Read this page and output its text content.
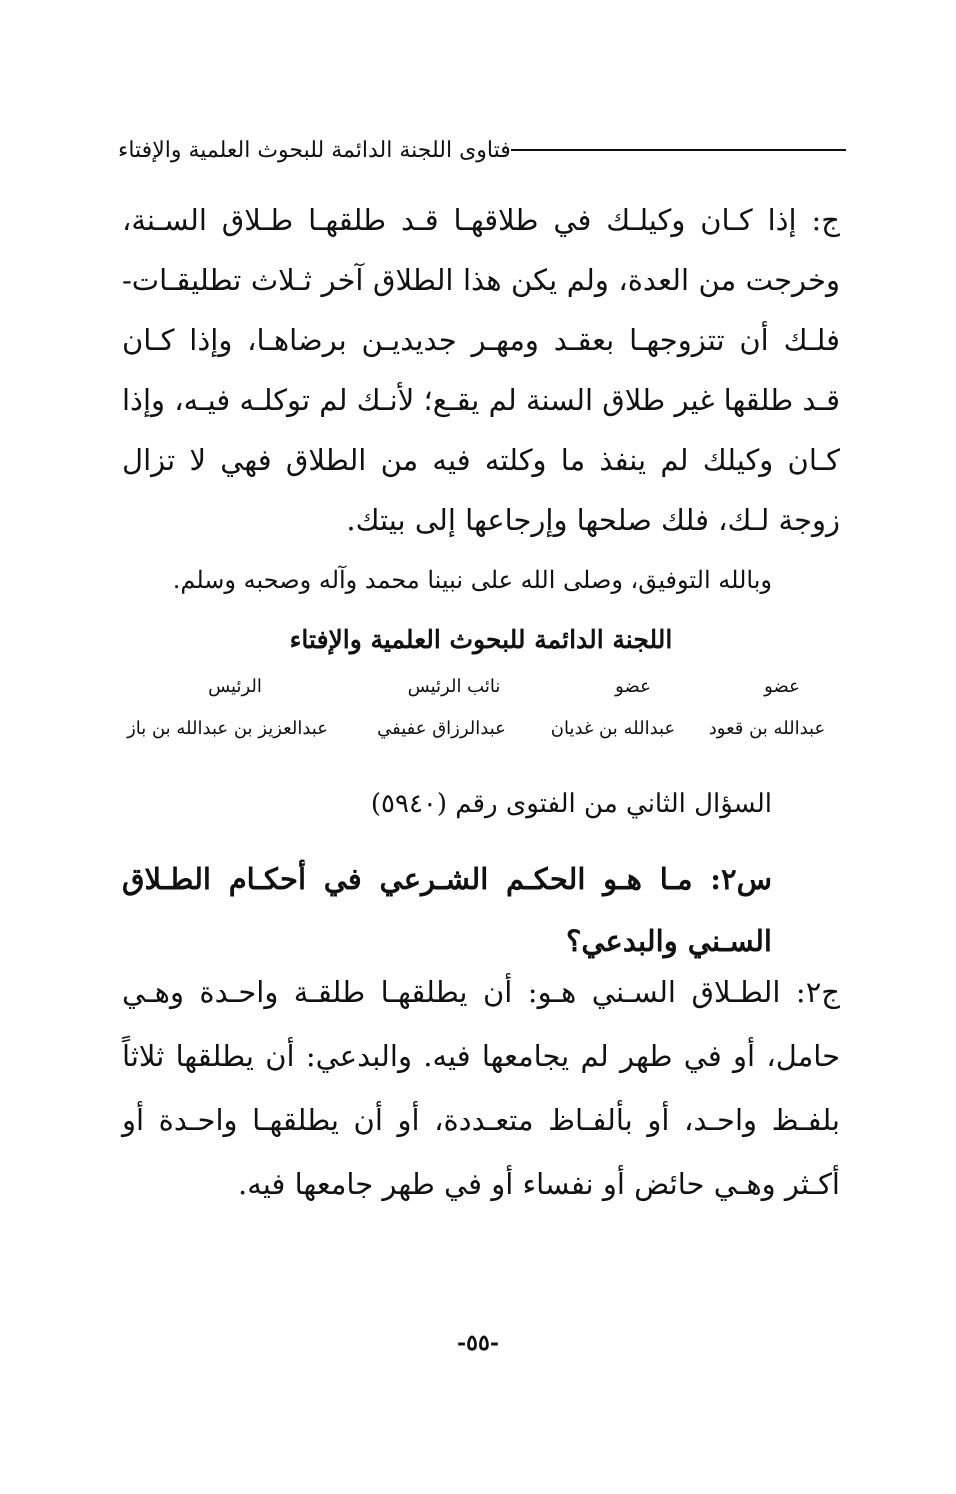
فتاوى اللجنة الدائمة للبحوث العلمية والإفتاء

ج: إذا كـان وكيلـك في طلاقهـا قـد طلقهـا طـلاق السـنة، وخرجت من العدة، ولم يكن هذا الطلاق آخر ثـلاث تطليقـات- فلـك أن تتزوجهـا بعقـد ومهـر جديديـن برضاهـا، وإذا كـان قـد طلقها غير طلاق السنة لم يقـع؛ لأنـك لم توكلـه فيـه، وإذا كـان وكيلك لم ينفذ ما وكلته فيه من الطلاق فهي لا تزال زوجة لـك، فلك صلحها وإرجاعها إلى بيتك.

وبالله التوفيق، وصلى الله على نبينا محمد وآله وصحبه وسلم.
اللجنة الدائمة للبحوث العلمية والإفتاء
عضو
عضو
نائب الرئيس
الرئيس
عبدالله بن قعود
عبدالله بن غديان
عبدالرزاق عفيفي
عبدالعزيز بن عبدالله بن باز
السؤال الثاني من الفتوى رقم (٥٩٤٠)
س٢: مـا هـو الحكـم الشـرعي في أحكـام الطـلاق السـني والبدعي؟
ج٢: الطـلاق السـني هـو: أن يطلقهـا طلقـة واحـدة وهـي حامل، أو في طهر لم يجامعها فيه. والبدعي: أن يطلقها ثلاثاً بلفـظ واحـد، أو بألفـاظ متعـددة، أو أن يطلقهـا واحـدة أو أكـثر وهـي حائض أو نفساء أو في طهر جامعها فيه.
-٥٥-
